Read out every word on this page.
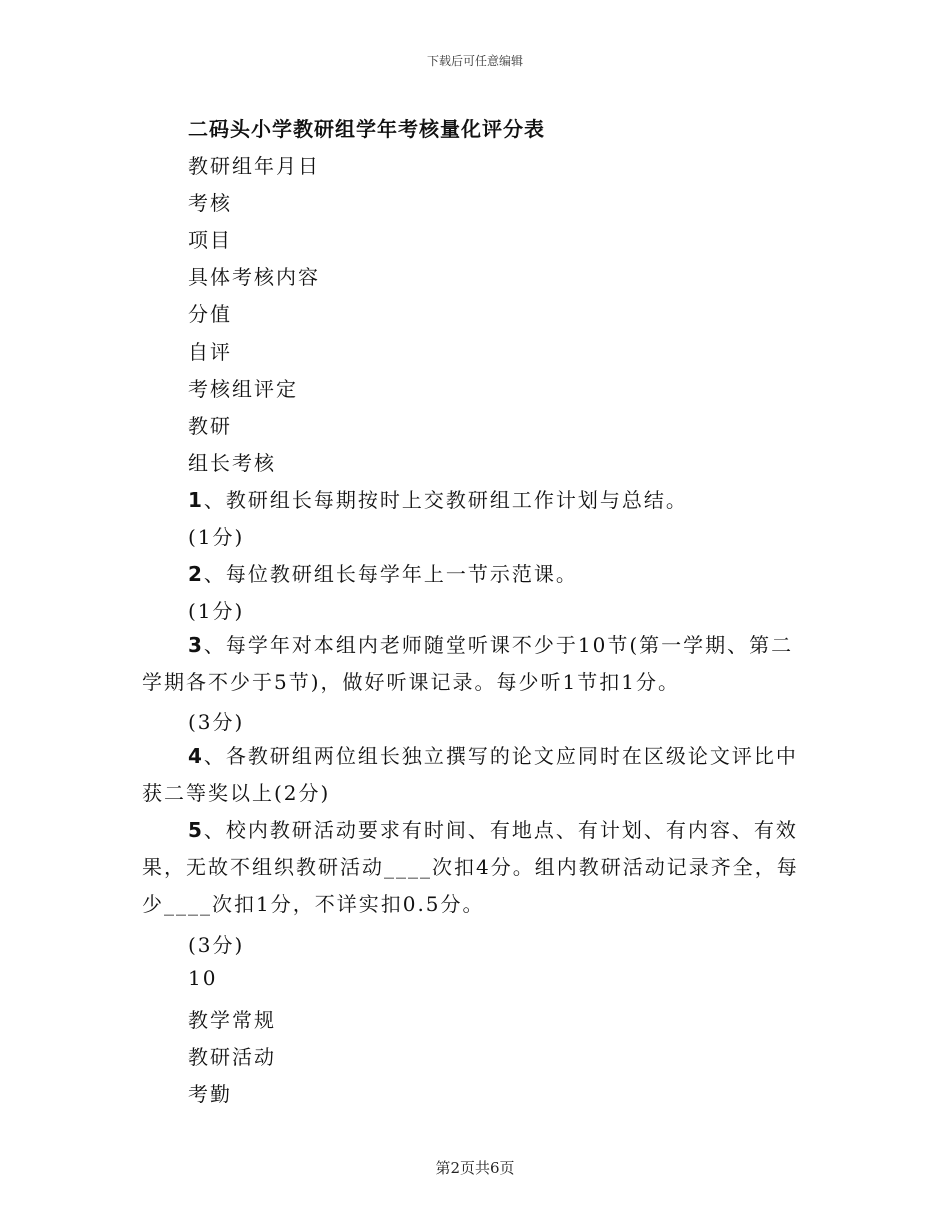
下载后可任意编辑
二码头小学教研组学年考核量化评分表
教研组年月日
考核
项目
具体考核内容
分值
自评
考核组评定
教研
组长考核
1、教研组长每期按时上交教研组工作计划与总结。
(1分)
2、每位教研组长每学年上一节示范课。
(1分)
3、每学年对本组内老师随堂听课不少于10节(第一学期、第二学期各不少于5节)，做好听课记录。每少听1节扣1分。
(3分)
4、各教研组两位组长独立撰写的论文应同时在区级论文评比中获二等奖以上(2分)
5、校内教研活动要求有时间、有地点、有计划、有内容、有效果，无故不组织教研活动____次扣4分。组内教研活动记录齐全，每少____次扣1分，不详实扣0.5分。
(3分)
10
教学常规
教研活动
考勤
第2页共6页
